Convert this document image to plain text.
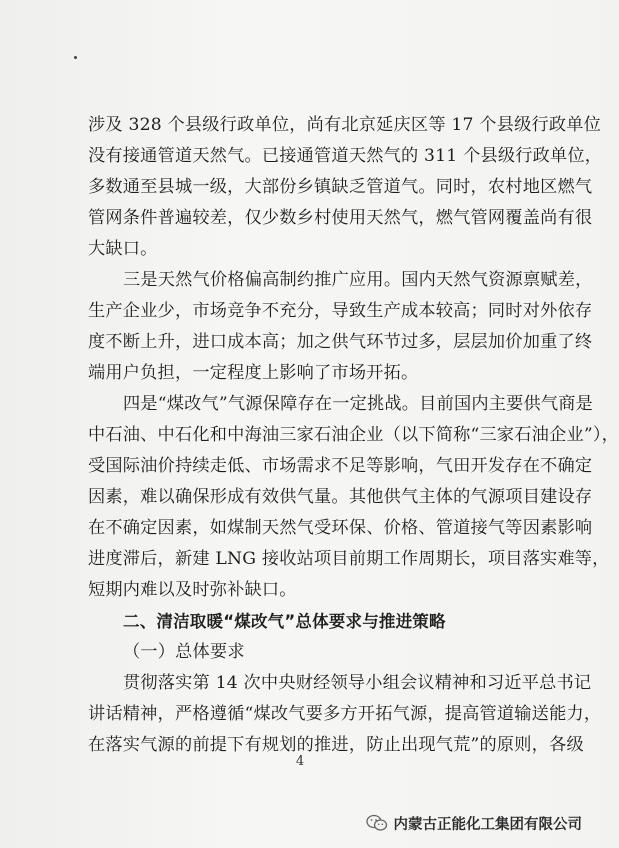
涉及 328 个县级行政单位，尚有北京延庆区等 17 个县级行政单位
没有接通管道天然气。已接通管道天然气的 311 个县级行政单位，
多数通至县城一级，大部份乡镇缺乏管道气。同时，农村地区燃气
管网条件普遍较差，仅少数乡村使用天然气，燃气管网覆盖尚有很
大缺口。
三是天然气价格偏高制约推广应用。国内天然气资源禀赋差，
生产企业少，市场竞争不充分，导致生产成本较高；同时对外依存
度不断上升，进口成本高；加之供气环节过多，层层加价加重了终
端用户负担，一定程度上影响了市场开拓。
四是“煤改气”气源保障存在一定挑战。目前国内主要供气商是
中石油、中石化和中海油三家石油企业（以下简称“三家石油企业”），
受国际油价持续走低、市场需求不足等影响，气田开发存在不确定
因素，难以确保形成有效供气量。其他供气主体的气源项目建设存
在不确定因素，如煤制天然气受环保、价格、管道接气等因素影响
进度滞后，新建 LNG 接收站项目前期工作周期长，项目落实难等，
短期内难以及时弥补缺口。
二、清洁取暖“煤改气”总体要求与推进策略
（一）总体要求
贯彻落实第 14 次中央财经领导小组会议精神和习近平总书记
讲话精神，严格遵循“煤改气要多方开拓气源，提高管道输送能力，
在落实气源的前提下有规划的推进，防止出现气荒”的原则，各级
4
内蒙古正能化工集团有限公司
